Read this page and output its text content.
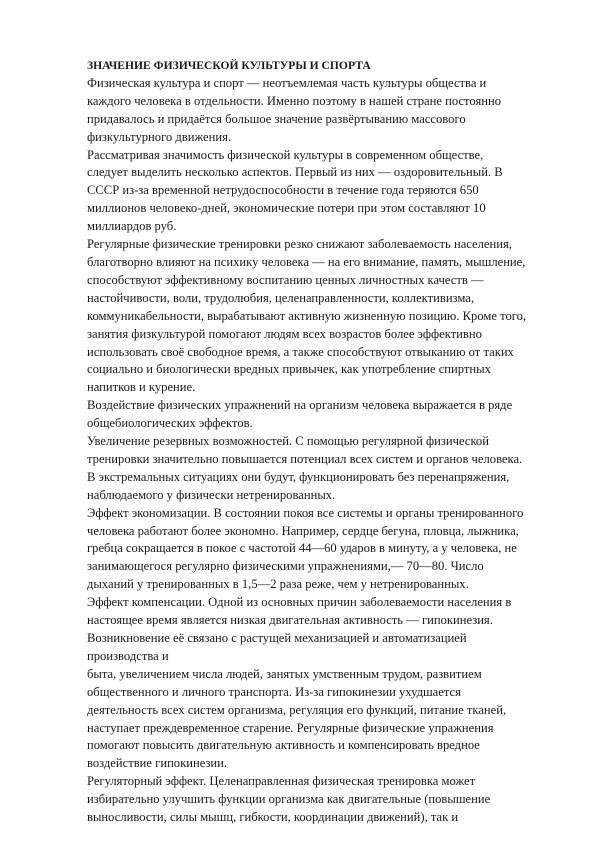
ЗНАЧЕНИЕ ФИЗИЧЕСКОЙ КУЛЬТУРЫ И СПОРТА

Физическая культура и спорт — неотъемлемая часть культуры общества и

каждого человека в отдельности. Именно поэтому в нашей стране постоянно

придавалось и придаётся большое значение развёртыванию массового

физкультурного движения.

Рассматривая значимость физической культуры в современном обществе,

следует выделить несколько аспектов. Первый из них — оздоровительный. В

СССР из-за временной нетрудоспособности в течение года теряются 650

миллионов человеко-дней, экономические потери при этом составляют 10

миллиардов руб.

Регулярные физические тренировки резко снижают заболеваемость населения,

благотворно влияют на психику человека — на его внимание, память, мышление,

способствуют эффективному воспитанию ценных личностных качеств —

настойчивости, воли, трудолюбия, целенаправленности, коллективизма,

коммуникабельности, вырабатывают активную жизненную позицию. Кроме того,

занятия физкультурой помогают людям всех возрастов более эффективно

использовать своё свободное время, а также способствуют отвыканию от таких

социально и биологически вредных привычек, как употребление спиртных

напитков и курение.

Воздействие физических упражнений на организм человека выражается в ряде

общебиологических эффектов.

Увеличение резервных возможностей. С помощью регулярной физической

тренировки значительно повышается потенциал всех систем и органов человека.

В экстремальных ситуациях они будут, функционировать без перенапряжения,

наблюдаемого у физически нетренированных.

Эффект экономизации. В состоянии покоя все системы и органы тренированного

человека работают более экономно. Например, сердце бегуна, пловца, лыжника,

гребца сокращается в покое с частотой 44—60 ударов в минуту, а у человека, не

занимающегося регулярно физическими упражнениями,— 70—80. Число

дыханий у тренированных в 1,5—2 раза реже, чем у нетренированных.

Эффект компенсации. Одной из основных причин заболеваемости населения в

настоящее время является низкая двигательная активность — гипокинезия.

Возникновение её связано с растущей механизацией и автоматизацией

производства и

быта, увеличением числа людей, занятых умственным трудом, развитием

общественного и личного транспорта. Из-за гипокинезии ухудшается

деятельность всех систем организма, регуляция его функций, питание тканей,

наступает преждевременное старение. Регулярные физические упражнения

помогают повысить двигательную активность и компенсировать вредное

воздействие гипокинезии.

Регуляторный эффект. Целенаправленная физическая тренировка может

избирательно улучшить функции организма как двигательные (повышение

выносливости, силы мышц, гибкости, координации движений), так и
